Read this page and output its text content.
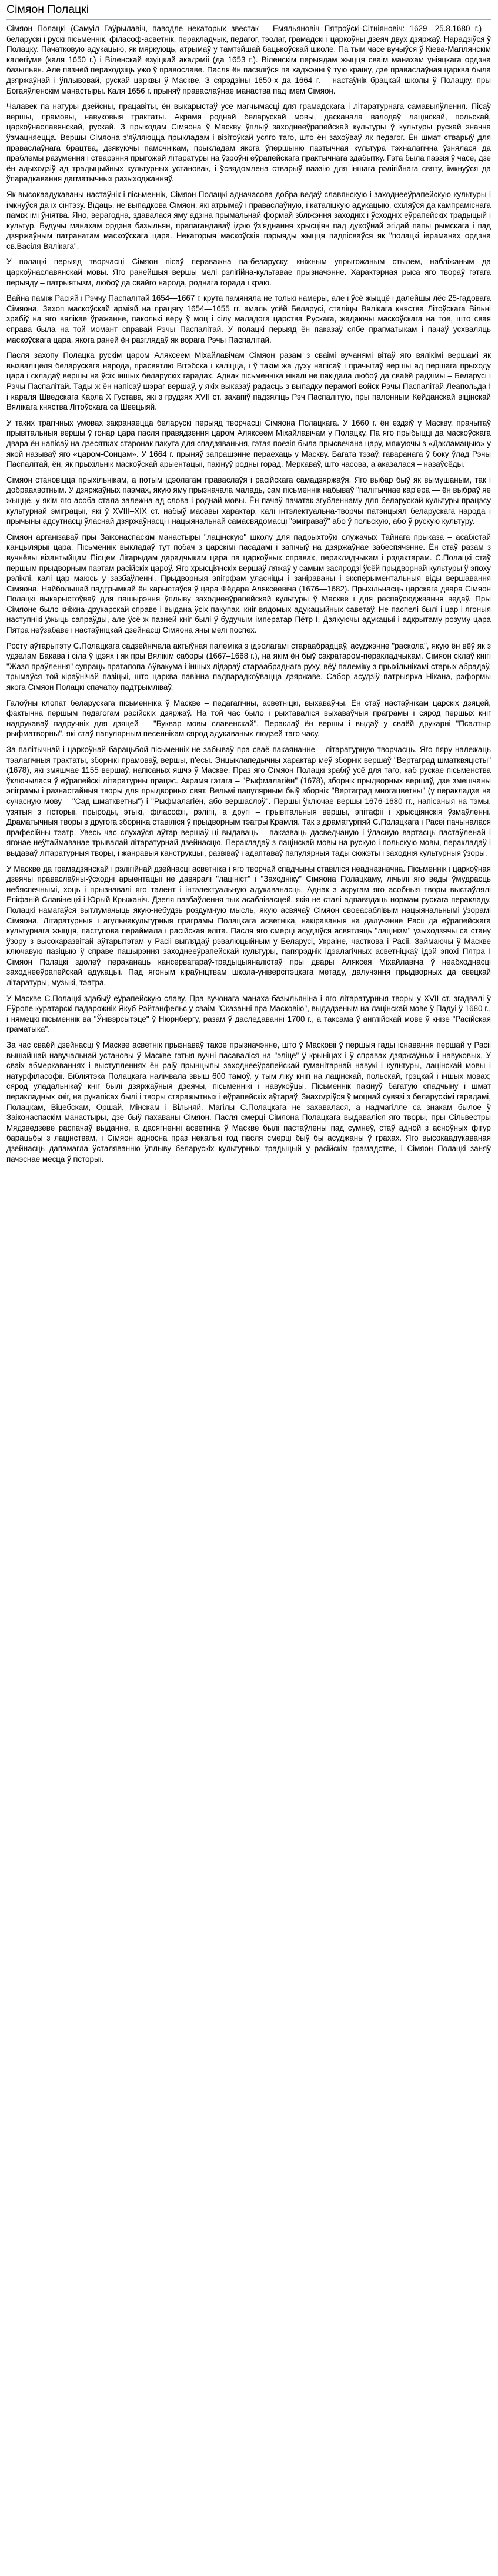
Сімяон Полацкі

Сімяон Полацкі (Самуіл Гаўрылавіч, паводле некаторых звестак – Емяльяновіч Пятроўскі-Сітніяновіч: 1629—25.8.1680 г.) – беларускі і рускі пісьменнік, філасоф-асветнік, перакладчык, педагог, тэолаг, грамадскі і царкоўны дзеяч двух дзяржаў. Нарадзіўся ў Полацку. Пачатковую адукацыю, як мяркуюць, атрымаў у тамтэйшай бацькоўскай школе. Па тым часе вучыўся ў Кіева-Магілянскім калегіуме (каля 1650 г.) і Віленскай езуіцкай акадэміі (да 1653 г.). Віленскім перыядам жыцця сваім манахам уніяцкага ордэна базыльян. Але пазней пераходзіць ужо ў православе. Пасля ён пасяліўся па хаджэнні ў тую краіну, дзе праваслаўная царква была дзяржаўнай і ўплывовай, рускай царквы ў Маскве. З сярэдзіны 1650-х да 1664 г. – настаўнік брацкай школы ў Полацку, пры Богаяўленскім манастыры. Каля 1656 г. прыняў праваслаўнае манаства пад імем Сімяон.

Чалавек па натуры дзейсны, працавіты, ён выкарыстаў усе магчымасці для грамадскага і літаратурнага самавыяўлення. Пісаў вершы, прамовы, навуковыя трактаты. Акрамя роднай беларускай мовы, дасканала валодаў лацінскай, польскай, царкоўнаславянскай, рускай. З прыходам Сімяона ў Маскву ўплыў заходнееўрапейскай культуры ў культуры рускай значна ўзмацняецца. Вершы Сімяона з'яўляюцца прыкладам і візітоўкай усяго таго, што ён захоўваў як педагог. Ён шмат стварыў для праваслаўнага брацтва, дзякуючы памочнікам, прыкладам якога ўпершыню паэтычная культура тэхналагічна ўзнялася да праблемы разумення і стварэння прыгожай літаратуры на ўзроўні еўрапейскага практычнага здабытку. Гэта была паэзія ў часе, дзе ён адыходзіў ад традыцыйных культурных установак, і ўсвядомлена стварыў паэзію для іншага рэлігійнага святу, імкнуўся да ўпарадкавання дагматычных разыходжанняў.

Як высокаадукаваны настаўнік і пісьменнік, Сімяон Полацкі адначасова добра ведаў славянскую і заходнееўрапейскую культуры і імкнуўся да іх сінтэзу. Відаць, не выпадкова Сімяон, які атрымаў і праваслаўную, і каталіцкую адукацыю, схіляўся да кампраміснага паміж імі ўніятва. Яно, верагодна, здавалася яму адзіна прымальнай формай збліжэння заходніх і ўсходніх еўрапейскіх традыцый і культур. Будучы манахам ордэна базыльян, прапагандаваў ідэю ўз'яднання хрысціян пад духоўнай эгідай папы рымскага і пад дзяржаўным патранатам маскоўскага цара. Некаторыя маскоўскія пэрыяды жыцця падпісваўся як "полацкі іераманах ордэна св.Васіля Вялікага".

У полацкі перыяд творчасці Сімяон пісаў пераважна па-беларуску, кніжным упрыгожаным стылем, набліжаным да царкоўнаславянскай мовы. Яго ранейшыя вершы мелі рэлігійна-культавае прызначэнне. Характэрная рыса яго твораў гэтага перыяду – патрыятызм, любоў да свайго народа, роднага горада і краю.

Вайна паміж Расіяй і Рэччу Паспалітай 1654—1667 г. крута памяняла не толькі намеры, але і ўсё жыццё і далейшы лёс 25-гадовага Сімяона. Захоп маскоўскай арміяй на працягу 1654—1655 гг. амаль усёй Беларусі, сталіцы Вялікага княства Літоўскага Вільні зрабіў на яго вялікае ўражанне, паколькі веру ў моц і сілу маладога царства Рускага, жадаючы маскоўскага на тое, што свая справа была на той момант справай Рэчы Паспалітай. У полацкі перыяд ён паказаў сябе прагматыкам і пачаў усхваляць маскоўскага цара, якога раней ён разглядаў як ворага Рэчы Паспалітай.

Пасля захопу Полацка рускім царом Аляксеем Міхайлавічам Сімяон разам з сваімі вучанямі вітаў яго вялікімі вершамі як вызваліцеля беларускага народа, прасвятлю Вітэбска і каліцца, і ў такім жа духу напісаў і прачытаў вершы ад першага прыходу цара і складаў вершы на ўсіх іншых беларускіх гарадах. Аднак пісьменніка нікалі не пакідала любоў да сваёй радзімы – Беларусі і Рэчы Паспалітай. Тады ж ён напісаў шэраг вершаў, у якіх выказаў радасць з выпадку перамогі войск Рэчы Паспалітай Леапольда І і караля Шведскага Карла X Густава, які з грудзях XVII ст. захапіў падзяліць Рэч Паспалітую, пры палонным Кейданскай віцінскай Вялікага княства Літоўскага са Швецыяй.

У таких трагічных умовах закранаецца беларускі перыяд творчасці Сімяона Полацкага. У 1660 г. ён ездзіў у Маскву, прачытаў прывітальныя вершы ў гонар цара пасля правядзення царом Аляксеем Міхайлавічам у Полацку. Па яго прыбыцці да маскоўскага двара ён напісаў на дзесятках старонак пакута для спадзяваньня, гэтая поезія была прысвечана цару, мяжуючы з «Дэкламацыю» у якой называў яго «царом-Сонцам». У 1664 г. прыняў запрашэнне пераехаць у Маскву. Багата тэзаў, гаваранага ў боку ўлад Рэчы Паспалітай, ён, як прыхільнік маскоўскай арыентацыі, пакінуў родны горад. Меркаваў, што часова, а аказалася – назаўсёды.

Сімяон становіцца прыхільнікам, а потым ідэолагам праваслаўя і расійскага самадзяржаўя. Яго выбар быў як вымушаным, так і добраахвотным. У дзяржаўных паэмах, якую яму прызначала маладь, сам пісьменнік набываў "палітычнае кар'ера — ён выбраў яе жыццё, у якім яго асоба стала залежна ад слова і роднай мовы. Ён пачаў пачатак згубленнаму для беларускай культуры працэсу культурнай эміграцыі, які ў XVIII–XIX ст. набыў масавы характар, калі інтэлектуальна-творчы патэнцыял беларускага народа і прычыны адсутнасці ўласнай дзяржаўнасці і нацыянальнай самасвядомасці "эміграваў" або ў польскую, або ў рускую культуру.

Сімяон арганізаваў пры Заіконаспаскім манастыры "лацінскую" школу для падрыхтоўкі служачых Тайнага прыказа – асабістай канцылярыі цара. Пісьменнік выкладаў тут побач з царскімі пасадамі і запічыў на дзяржаўнае забеспячэнне. Ён стаў разам з вучнёвы візантыйцам Пісцем Лігарыдам дарадчыкам цара па царкоўных справах, перакладчыкам і рэдактарам. С.Полацкі стаў першым прыдворным паэтам расійскіх цароў. Яго хрысціянскіх вершаў ляжаў у самым засяродзі ўсёй прыдворнай культуры ў эпоху рэліклі, калі цар маюсь у зазбаўленні. Прыдворныя эпігрфам уласніцы і заніраваны і эксперыментальныя віды вершавання Сімяона. Найбольшай падтрымкай ён карыстаўся ў цара Фёдара Аляксеевіча (1676—1682). Прыхільнасць царскага двара Сімяон Полацкі выкарыстоўваў для пашырэння ўплыву заходнееўрапейскай культуры ў Маскве і для распаўсюджвання ведаў. Пры Сімяоне было кніжна-друкарскай справе і выдана ўсіх пакупак, кніг вядомых адукацыйных саветаў. Не паспелі былі і цар і ягоныя наступнікі ўжыць сапраўды, але ўсё ж пазней кніг былі ў будучым імператар Пётр І. Дзякуючы адукацыі і адкрытаму розуму цара Пятра неўзабаве і настаўніцкай дзейнасці Сімяона яны мелі поспех.

Росту аўтарытэту С.Полацкага садзейнічала актыўная палеміка з ідэолагамі стараабрадцаў, асуджэнне "раскола", якую ён вёў як з удзелам Бакава і сіла ў ідэях і як пры Вялікім саборы (1667–1668 г.), на якім ён быў сакратаром-перакладчыкам. Сімяон склаў кнігі "Жазл праўлення" супраць пратапопа Аўвакума і іншых лідэраў стараабраднага руху, вёў палеміку з прыхільнікамі старых абрадаў, трымаўся той кіраўнічай пазіцыі, што царква павінна падпарадкоўвацца дзяржаве. Сабор асудзіў патрыярха Нікана, рэформы якога Сімяон Полацкі спачатку падтрымліваў.

Галоўны клопат беларускага пісьменніка ў Маскве – педагагічны, асветніцкі, выхаваўчы. Ён стаў настаўнікам царскіх дзяцей, фактычна першым педагогам расійскіх дзяржаў. На той час было і рыхтаваліся выхаваўчыя праграмы і сярод першых кніг надрукаваў падручнік для дзяцей – "Буквар мовы славенскай". Пераклаў ён вершы і выдаў у сваёй друкарні "Псалтыр рыфматворны", які стаў папулярным песеннікам сярод адукаваных людзей таго часу.

За палітычнай і царкоўнай барацьбой пісьменнік не забываў пра сваё пакаянанне – літаратурную творчасць. Яго пяру належаць тэалагічныя трактаты, зборнікі прамоваў, вершы, п'есы. Энцыклапедычны характар меў зборнік вершаў "Вертаград шматквяцісты" (1678), які змяшчае 1155 вершаў, напісаных яшчэ ў Маскве. Праз яго Сімяон Полацкі зрабіў усё для таго, каб рускае пісьменства ўключылася ў еўрапейскі літаратурны працэс. Акрамя гэтага – "Рыфмалагіён" (1678), зборнік прыдворных вершаў, дзе змешчаны эпіграмы і разнастайныя творы для прыдворных свят. Вельмі папулярным быў зборнік "Вертаград многацветны" (у перакладзе на сучасную мову – "Сад шматкветны") і "Рыфмалагіён, або вершаслоў". Першы ўключае вершы 1676-1680 гг., напісаныя на тэмы, узятыя з гісторыі, прыроды, этыкі, філасофіі, рэлігіі, а другі – прывітальныя вершы, эпітафіі і хрысціянскія ўзмаўленні. Драматычныя творы з другога зборніка ставіліся ў прыдворным тэатры Крамля. Так з драматургіяй С.Полацкага і Расеі пачыналася прафесійны тэатр. Увесь час слухаўся аўтар вершаў ці выдаваць – паказваць дасведчаную і ўласную вартасць пастаўленай і ягонае неўтаймаванае трывалай літаратурнай дзейнасцю. Перакладаў з лацінскай мовы на рускую і польскую мовы, перакладаў і выдаваў літаратурныя творы, і жанравыя канструкцыі, развіваў і адаптаваў папулярныя тады сюжэты і заходнія культурныя ўзоры.

У Маскве да грамадзянскай і рэлігійнай дзейнасці асветніка і яго творчай спадчыны ставіліся неадназначна. Пісьменнік і царкоўная дзеячы праваслаўны-ўсходні арыентацыі не давяралі "лацініст" і "Заходніку" Сімяона Полацкаму, лічылі яго веды ўмудрасць небяспечнымі, хоць і прызнавалі яго талент і інтэлектуальную адукаванасць. Аднак з акругам яго асобныя творы выстаўлялі Епіфаній Славінецкі і Юрый Крыжаніч. Дзеля пазбаўлення тых асаблівасцей, якія не сталі адпавядаць нормам рускага перакладу, Полацкі намагаўся вытлумачыць якую-небудзь роздумную мысль, якую асвячаў Сімяон своеасаблівым нацыянальнымі ўзорамі Сімяона. Літаратурныя і агульнакультурныя праграмы Полацкага асветніка, накіраваныя на далучэнне Расіі да еўрапейскага культурнага жыцця, паступова пераймала і расійская еліта. Пасля яго смерці асудзіўся асвятляць "лацінізм" узыходзячы са стану ўзору з высокаразвітай аўтарытэтам у Расіі выглядаў рэвалюцыйным у Беларусі, Украіне, часткова і Расіі. Займаючы ў Маскве ключавую пазіцыю ў справе пашырэння заходнееўрапейскай культуры, папярэднік ідэалагічных асветніцкаў ідэй эпохі Пятра І Сімяон Полацкі здолеў пераканаць кансерватараў-традыцыяналістаў пры двары Аляксея Міхайлавіча ў неабходнасці заходнееўрапейскай адукацыі. Пад ягоным кіраўніцтвам школа-універсітэцкага метаду, далучэння прыдворных да свецкай літаратуры, музыкі, тэатра.

У Маскве С.Полацкі здабыў еўрапейскую славу. Пра вучонага манаха-базыльяніна і яго літаратурныя творы у XVII ст. згадвалі ў Еўропе куратарскі падарожнік Якуб Рэйтэнфельс у сваім "Сказанні пра Масковію", выдадзеным на лацінскай мове ў Падуі ў 1680 г., і нямецкі пісьменнік ва "Ўнівэрсытэце" ў Нюрнбергу, разам ў даследаванні 1700 г., а таксама ў англійскай мове ў кнізе "Расійская граматыка".

За час сваёй дзейнасці ў Маскве асветнік прызнаваў такое прызначэнне, што ў Масковіі ў першыя гады існавання першай у Расіі вышэйшай навучальнай установы ў Маскве гэтыя вучні пасаваліся на "эліце" ў крыніцах і ў справах дзяржаўных і навуковых. У сваіх абмеркаваннях і выступленнях ён раіў прынцыпы заходнееўрапейскай гуманітарнай навукі і культуры, лацінскай мовы і натурфіласофіі. Бібліятэка Полацкага налічвала звыш 600 тамоў, у тым ліку кнігі на лацінскай, польскай, грэцкай і іншых мовах; сярод уладальнікаў кніг былі дзяржаўныя дзеячы, пісьменнікі і навукоўцы. Пісьменнік пакінуў багатую спадчыну і шмат перакладных кніг, на рукапісах былі і творы старажытных і еўрапейскіх аўтараў. Знаходзіўся ў моцнай сувязі з беларускімі гарадамі, Полацкам, Віцебскам, Оршай, Мінскам і Вільняй. Магілы С.Полацкага не захавалася, а надмагілле са знакам былое ў Заіконаспаскім манастыры, дзе быў пахаваны Сімяон. Пасля смерці Сімяона Полацкага выдаваліся яго творы, пры Сільвестры Мядзведзеве распачаў выданне, а дасягненні асветніка ў Маскве былі пастаўлены пад сумнеў, стаў адной з асноўных фігур барацьбы з лацінствам, і Сімяон адносна праз некалькі год пасля смерці быў бы асуджаны ў грахах. Яго высокаадукаваная дзейнасць дапамагла ўсталяванню ўплыву беларускіх культурных традыцый у расійскім грамадстве, і Сімяон Полацкі заняў пачэснае месца ў гісторыі.
